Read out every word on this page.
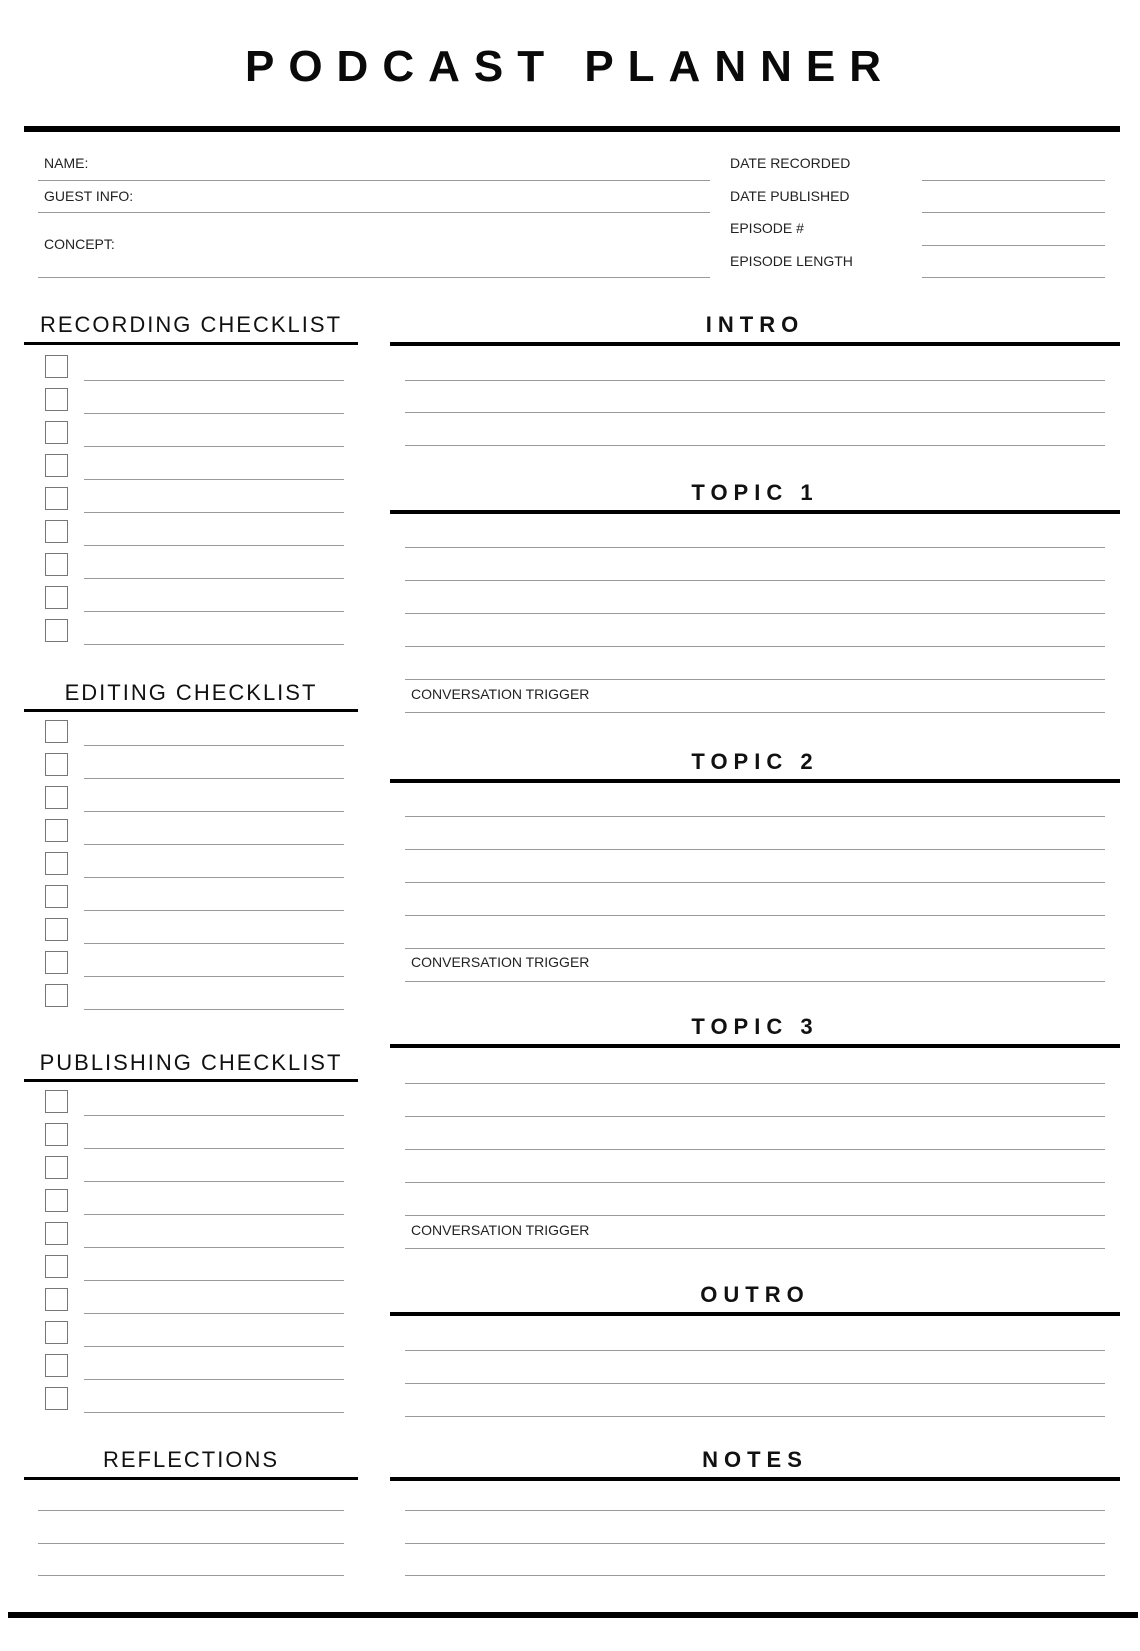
PODCAST PLANNER
NAME:
GUEST INFO:
CONCEPT:
DATE RECORDED
DATE PUBLISHED
EPISODE #
EPISODE LENGTH
RECORDING CHECKLIST
EDITING CHECKLIST
PUBLISHING CHECKLIST
REFLECTIONS
INTRO
TOPIC 1
CONVERSATION TRIGGER
TOPIC 2
CONVERSATION TRIGGER
TOPIC 3
CONVERSATION TRIGGER
OUTRO
NOTES
